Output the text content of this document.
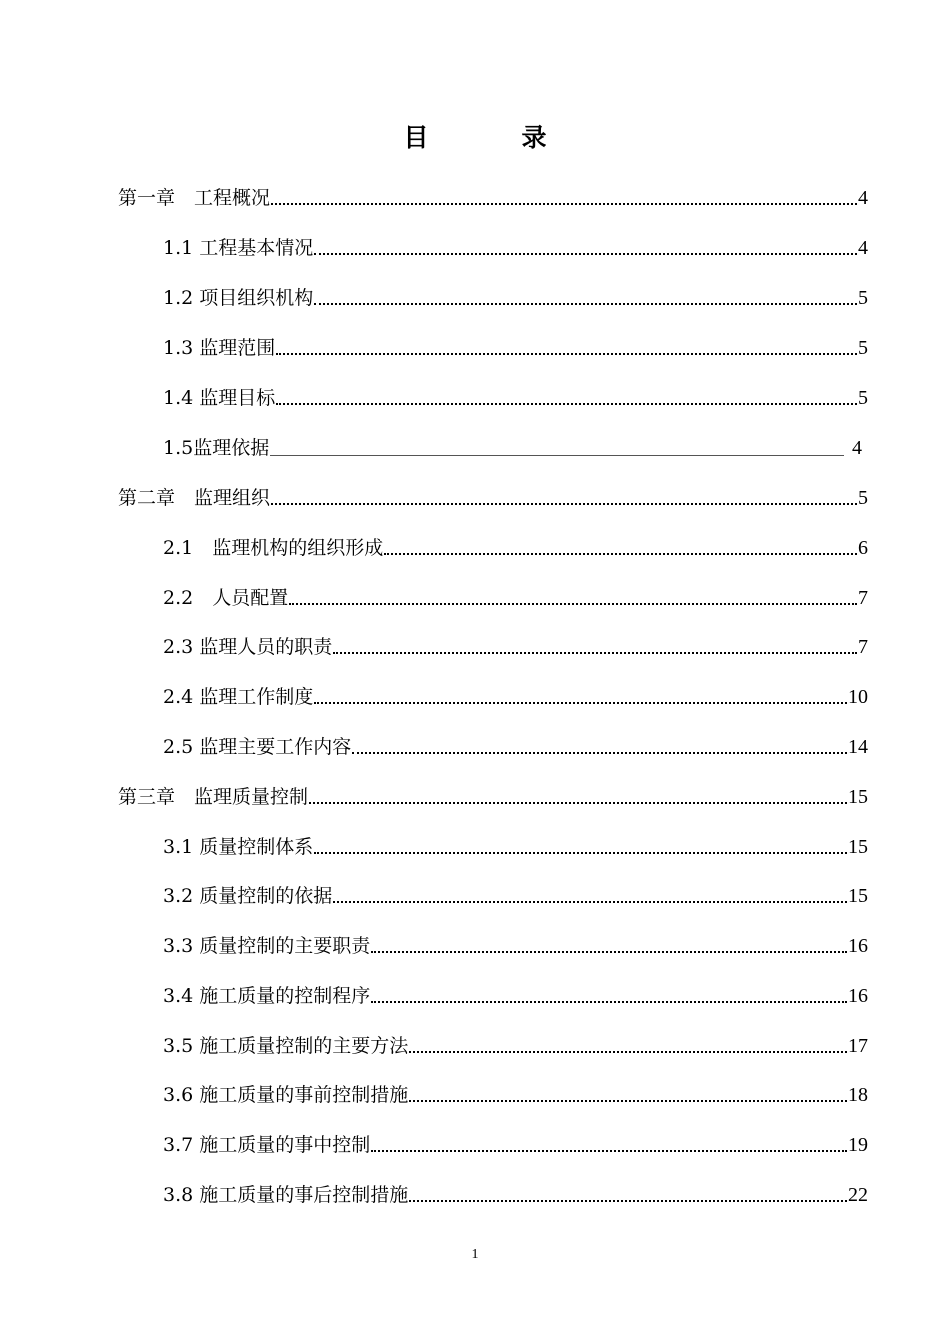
目　录
第一章　工程概况	4
1.1 工程基本情况	4
1.2 项目组织机构	5
1.3 监理范围	5
1.4 监理目标	5
1.5监理依据	4
第二章　监理组织	5
2.1　监理机构的组织形成	6
2.2　人员配置	7
2.3 监理人员的职责	7
2.4 监理工作制度	10
2.5 监理主要工作内容	14
第三章　监理质量控制	15
3.1 质量控制体系	15
3.2 质量控制的依据	15
3.3 质量控制的主要职责	16
3.4 施工质量的控制程序	16
3.5 施工质量控制的主要方法	17
3.6 施工质量的事前控制措施	18
3.7 施工质量的事中控制	19
3.8 施工质量的事后控制措施	22
1
